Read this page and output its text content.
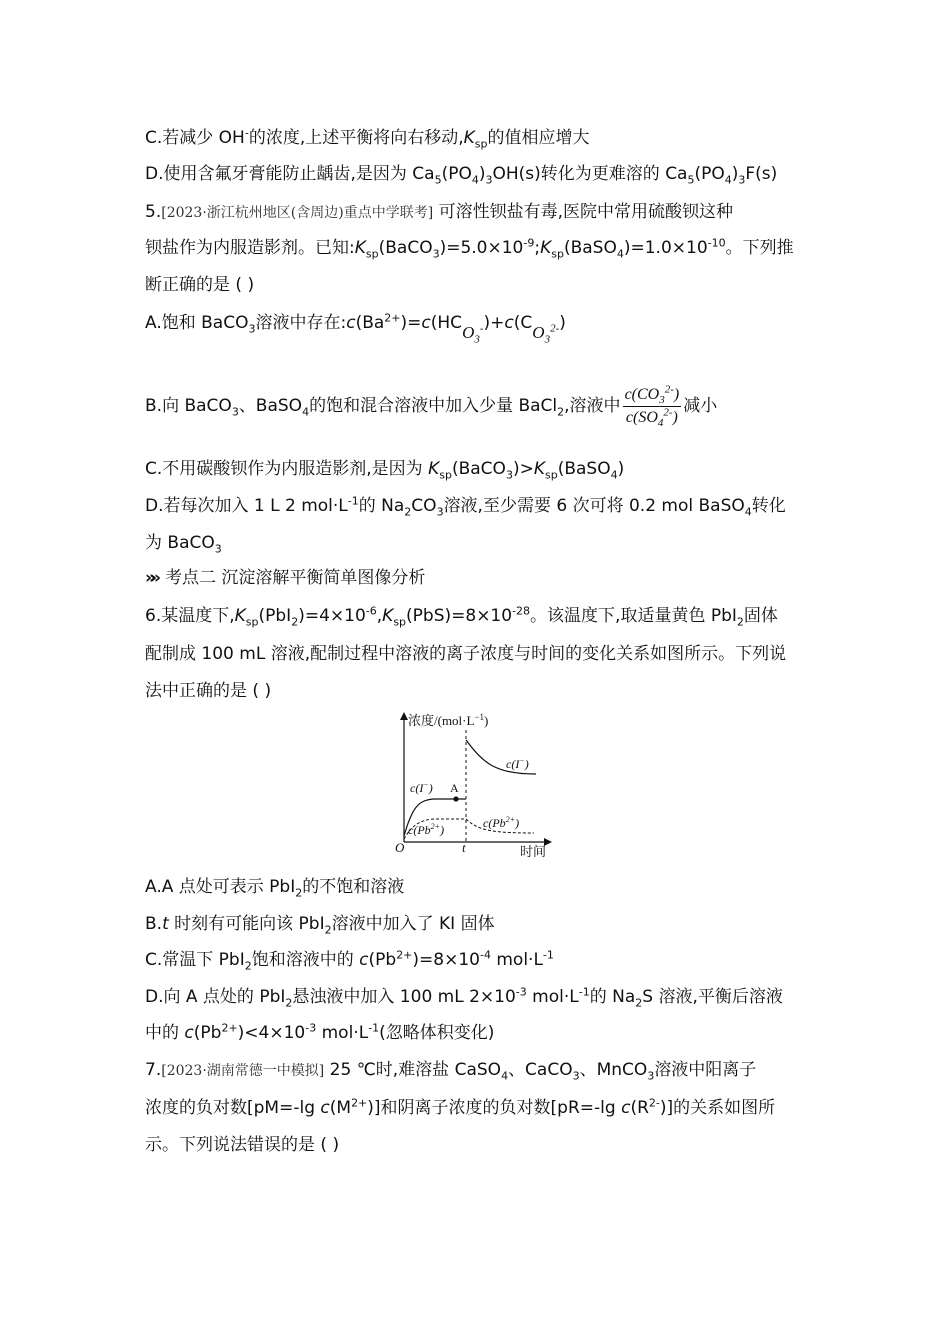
C.若减少 OH-的浓度,上述平衡将向右移动$,K_{sp}$的值相应增大
D.使用含氟牙膏能防止龋齿,是因为 $Ca_5(PO_4)_3OH(s)$转化为更难溶的 $Ca_5(PO_4)_3F(s)$
5.[2023·浙江杭州地区(含周边)重点中学联考] 可溶性钡盐有毒,医院中常用硫酸钡这种
钡盐作为内服造影剂。已知$:K_{sp}(BaCO_3)=5.0\times 10^{-9};K_{sp}(BaSO_4)=1.0\times 10^{-10}$。下列推
断正确的是 ( )
A.饱和 BaCO$_3$溶液中存在$:c(Ba^{2+})=c(HCO_3^-)+c(CO_3^{2-})$
B.向 BaCO$_3$、BaSO$_4$的饱和混合溶液中加入少量 BaCl$_2$,溶液中 $\frac{c(CO_3^{2-})}{c(SO_4^{2-})}$ 减小
C.不用碳酸钡作为内服造影剂,是因为 $K_{sp}(BaCO_3)>K_{sp}(BaSO_4)$
D.若每次加入 1 L 2 $mol\cdot L^{-1}$的 $Na_2CO_3$溶液,至少需要 6 次可将 0.2 mol BaSO$_4$转化
为 BaCO$_3$
»» 考点二 沉淀溶解平衡简单图像分析
6.某温度下$,K_{sp}(PbI_2)=4\times 10^{-6},K_{sp}(PbS)=8\times 10^{-28}$。该温度下,取适量黄色 PbI$_2$固体
配制成 100 mL 溶液,配制过程中溶液的离子浓度与时间的变化关系如图所示。下列说
法中正确的是 ( )
浓度$/(mol\cdot L^{-1})$
时间
O	t
A
c(I−)
c(I−)
$c(Pb^{2+})$	$c(Pb^{2+})$
A.A 点处可表示 PbI$_2$的不饱和溶液
B.t 时刻有可能向该 PbI$_2$溶液中加入了 KI 固体
C.常温下 PbI$_2$饱和溶液中的 $c(Pb^{2+})=8\times 10^{-4}$ $mol\cdot L^{-1}$
D.向 A 点处的 PbI$_2$悬浊液中加入 100 mL $2\times 10^{-3}$ $mol\cdot L^{-1}$的 $Na_2S$ 溶液,平衡后溶液
中的 $c(Pb^{2+})<4\times 10^{-3}$ $mol\cdot L^{-1}$(忽略体积变化)
7.[2023·湖南常德一中模拟] 25 ℃时,难溶盐 CaSO$_4$、CaCO$_3$、MnCO$_3$溶液中阳离子
浓度的负对数[pM=-lg $c(M^{2+})$]和阴离子浓度的负对数[pR=-lg $c(R^{2-})$]的关系如图所
示。下列说法错误的是 ( )
